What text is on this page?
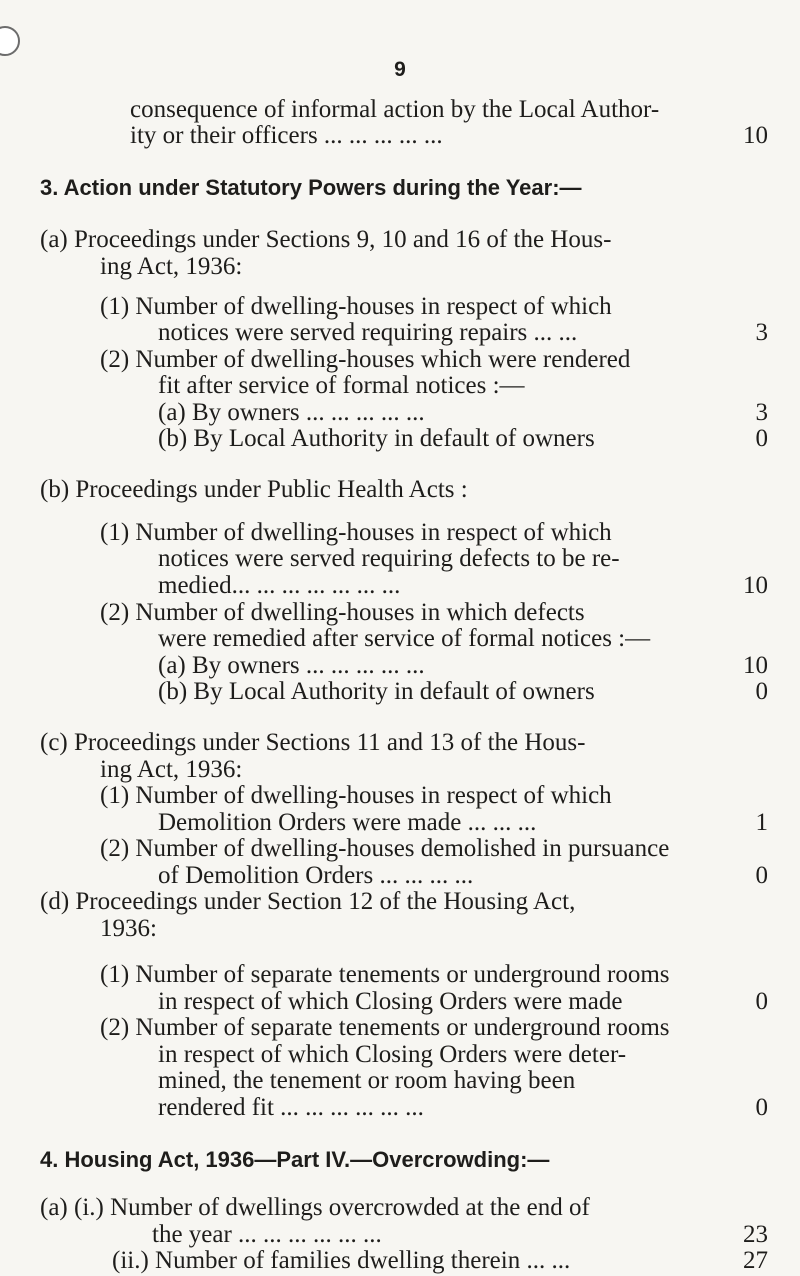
9
consequence of informal action by the Local Author-
ity or their officers ... ... ... ... ...	10
3. Action under Statutory Powers during the Year:—
(a) Proceedings under Sections 9, 10 and 16 of the Hous-
ing Act, 1936:
(1) Number of dwelling-houses in respect of which
notices were served requiring repairs ... ...	3
(2) Number of dwelling-houses which were rendered
fit after service of formal notices :—
(a) By owners ... ... ... ... ...	3
(b) By Local Authority in default of owners	0
(b) Proceedings under Public Health Acts :
(1) Number of dwelling-houses in respect of which
notices were served requiring defects to be re-
medied... ... ... ... ... ... ...	10
(2) Number of dwelling-houses in which defects
were remedied after service of formal notices :—
(a) By owners ... ... ... ... ...	10
(b) By Local Authority in default of owners	0
(c) Proceedings under Sections 11 and 13 of the Hous-
ing Act, 1936:
(1) Number of dwelling-houses in respect of which
Demolition Orders were made ... ... ...	1
(2) Number of dwelling-houses demolished in pursuance
of Demolition Orders ... ... ... ...	0
(d) Proceedings under Section 12 of the Housing Act,
1936:
(1) Number of separate tenements or underground rooms
in respect of which Closing Orders were made	0
(2) Number of separate tenements or underground rooms
in respect of which Closing Orders were deter-
mined, the tenement or room having been
rendered fit ... ... ... ... ... ...	0
4. Housing Act, 1936—Part IV.—Overcrowding:—
(a) (i.) Number of dwellings overcrowded at the end of
the year ... ... ... ... ... ...	23
(ii.) Number of families dwelling therein ... ...	27
